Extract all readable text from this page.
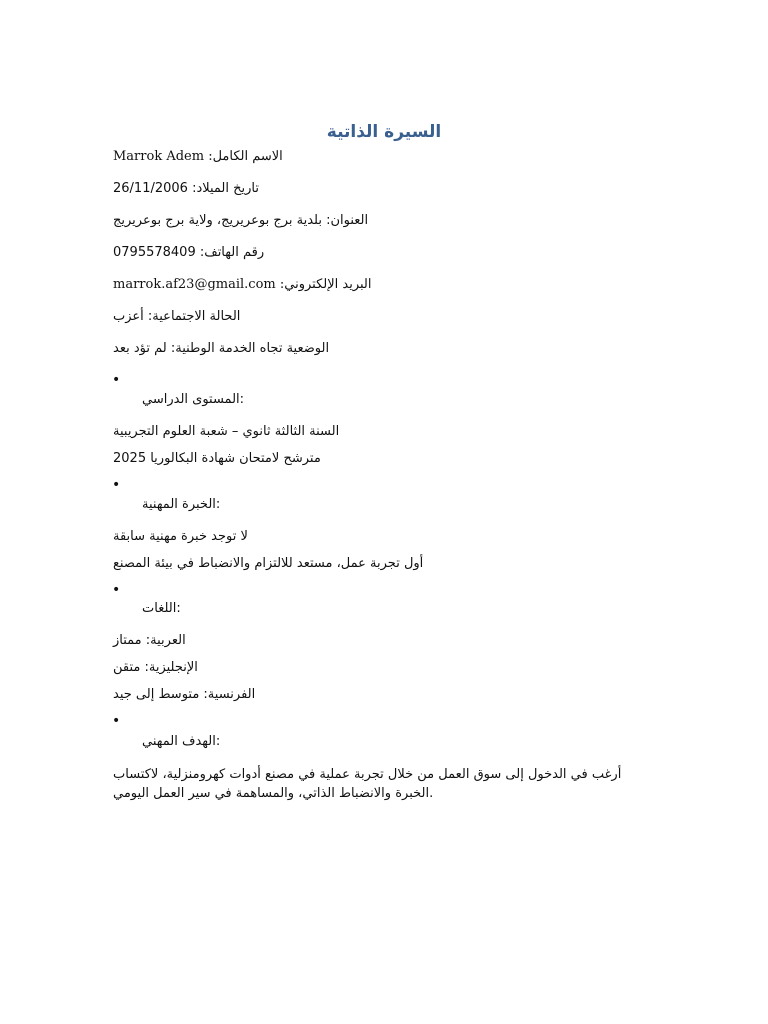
السيرة الذاتية
الاسم الكامل: Marrok Adem
تاريخ الميلاد: 26/11/2006
العنوان: بلدية برج بوعريريج، ولاية برج بوعريريج
رقم الهاتف: 0795578409
البريد الإلكتروني: marrok.af23@gmail.com
الحالة الاجتماعية: أعزب
الوضعية تجاه الخدمة الوطنية: لم تؤد بعد
•
المستوى الدراسي:
السنة الثالثة ثانوي – شعبة العلوم التجريبية
مترشح لامتحان شهادة البكالوريا 2025
•
الخبرة المهنية:
لا توجد خبرة مهنية سابقة
أول تجربة عمل، مستعد للالتزام والانضباط في بيئة المصنع
•
اللغات:
العربية: ممتاز
الإنجليزية: متقن
الفرنسية: متوسط إلى جيد
•
الهدف المهني:
أرغب في الدخول إلى سوق العمل من خلال تجربة عملية في مصنع أدوات كهرومنزلية، لاكتساب
الخبرة والانضباط الذاتي، والمساهمة في سير العمل اليومي.
